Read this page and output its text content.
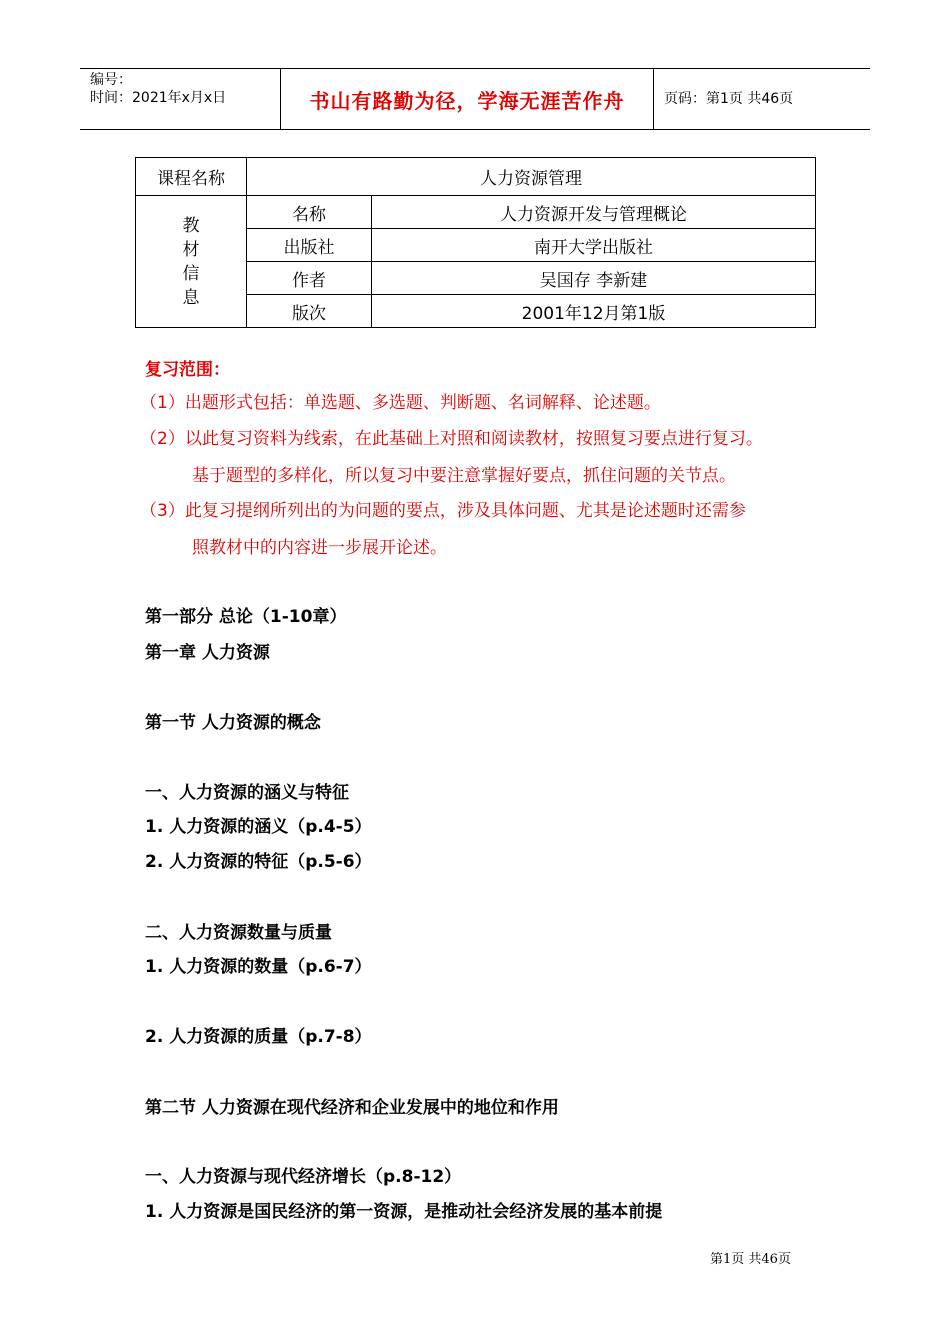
编号：
时间：2021年x月x日	书山有路勤为径，学海无涯苦作舟	页码：第1页 共46页
课程名称	人力资源管理	

教
材
信
息	名称	人力资源开发与管理概论
	出版社	南开大学出版社
	作者	吴国存 李新建
	版次	2001年12月第1版
复习范围：
（1）出题形式包括：单选题、多选题、判断题、名词解释、论述题。
（2）以此复习资料为线索，在此基础上对照和阅读教材，按照复习要点进行复习。
基于题型的多样化，所以复习中要注意掌握好要点，抓住问题的关节点。
（3）此复习提纲所列出的为问题的要点，涉及具体问题、尤其是论述题时还需参
照教材中的内容进一步展开论述。
第一部分 总论（1-10章）
第一章 人力资源
第一节 人力资源的概念
一、人力资源的涵义与特征
1. 人力资源的涵义（p.4-5）
2. 人力资源的特征（p.5-6）
二、人力资源数量与质量
1. 人力资源的数量（p.6-7）
2. 人力资源的质量（p.7-8）
第二节 人力资源在现代经济和企业发展中的地位和作用
一、人力资源与现代经济增长（p.8-12）
1. 人力资源是国民经济的第一资源，是推动社会经济发展的基本前提
第1页 共46页
